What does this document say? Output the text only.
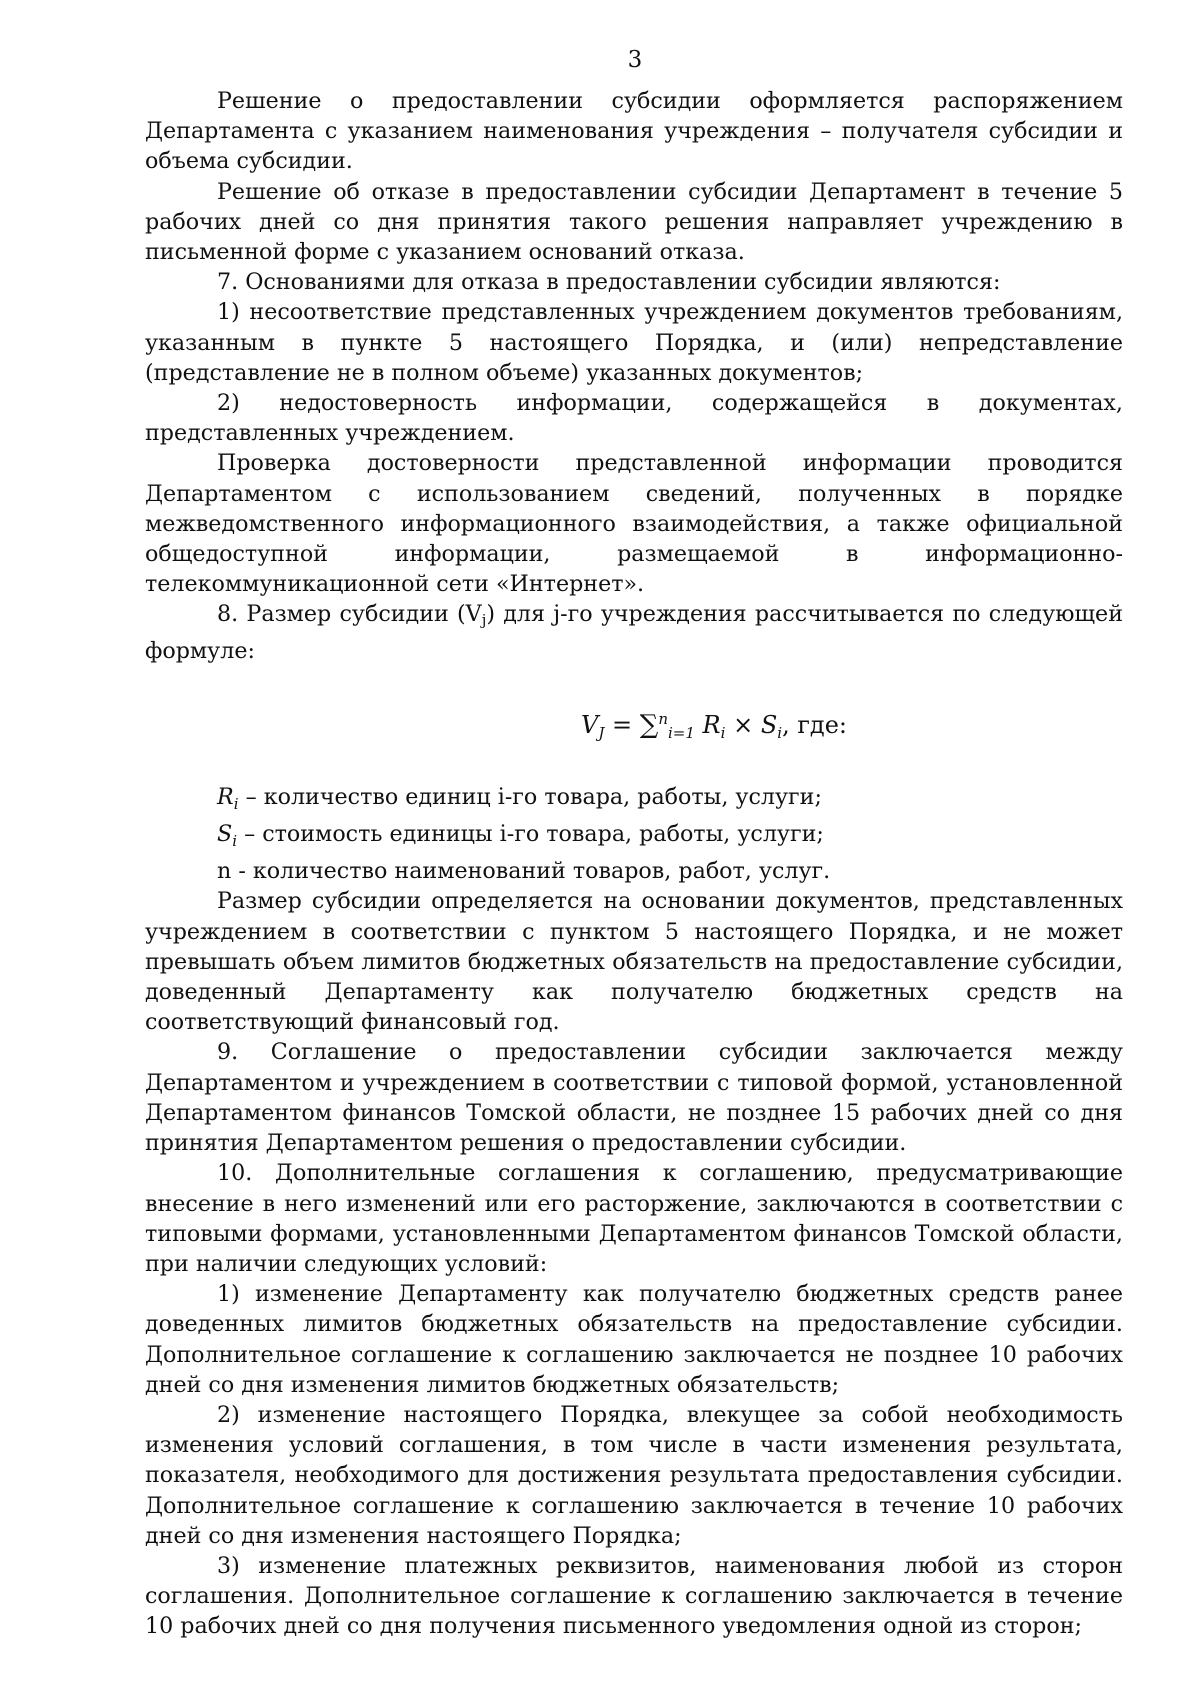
3

Решение о предоставлении субсидии оформляется распоряжением Департамента с указанием наименования учреждения – получателя субсидии и объема субсидии.

Решение об отказе в предоставлении субсидии Департамент в течение 5 рабочих дней со дня принятия такого решения направляет учреждению в письменной форме с указанием оснований отказа.

7. Основаниями для отказа в предоставлении субсидии являются:

1) несоответствие представленных учреждением документов требованиям, указанным в пункте 5 настоящего Порядка, и (или) непредставление (представление не в полном объеме) указанных документов;

2) недостоверность информации, содержащейся в документах, представленных учреждением.

Проверка достоверности представленной информации проводится Департаментом с использованием сведений, полученных в порядке межведомственного информационного взаимодействия, а также официальной общедоступной информации, размещаемой в информационно-телекоммуникационной сети «Интернет».

8. Размер субсидии (Vj) для j-го учреждения рассчитывается по следующей формуле:

$V_J = \sum^n_{i=1}$ $R_i \times S_i$, где:

$R_i$ – количество единиц i-го товара, работы, услуги;

$S_i$ – стоимость единицы i-го товара, работы, услуги;

n - количество наименований товаров, работ, услуг.

Размер субсидии определяется на основании документов, представленных учреждением в соответствии с пунктом 5 настоящего Порядка, и не может превышать объем лимитов бюджетных обязательств на предоставление субсидии, доведенный Департаменту как получателю бюджетных средств на соответствующий финансовый год.

9. Соглашение о предоставлении субсидии заключается между Департаментом и учреждением в соответствии с типовой формой, установленной Департаментом финансов Томской области, не позднее 15 рабочих дней со дня принятия Департаментом решения о предоставлении субсидии.

10. Дополнительные соглашения к соглашению, предусматривающие внесение в него изменений или его расторжение, заключаются в соответствии с типовыми формами, установленными Департаментом финансов Томской области, при наличии следующих условий:

1) изменение Департаменту как получателю бюджетных средств ранее доведенных лимитов бюджетных обязательств на предоставление субсидии. Дополнительное соглашение к соглашению заключается не позднее 10 рабочих дней со дня изменения лимитов бюджетных обязательств;

2) изменение настоящего Порядка, влекущее за собой необходимость изменения условий соглашения, в том числе в части изменения результата, показателя, необходимого для достижения результата предоставления субсидии. Дополнительное соглашение к соглашению заключается в течение 10 рабочих дней со дня изменения настоящего Порядка;

3) изменение платежных реквизитов, наименования любой из сторон соглашения. Дополнительное соглашение к соглашению заключается в течение 10 рабочих дней со дня получения письменного уведомления одной из сторон;
